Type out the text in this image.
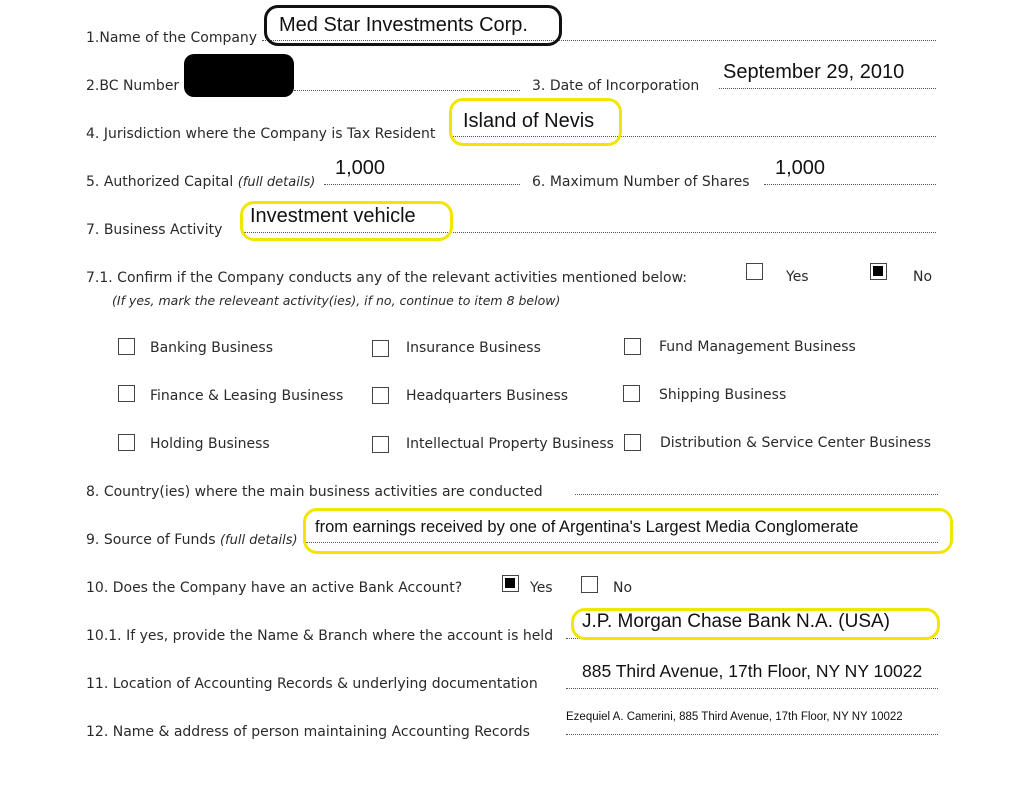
1.Name of the Company
Med Star Investments Corp.
2.BC Number	3. Date of Incorporation
September 29, 2010
4. Jurisdiction where the Company is Tax Resident
Island of Nevis
5. Authorized Capital (full details)
1,000
6. Maximum Number of Shares
1,000
7. Business Activity
Investment vehicle
7.1. Confirm if the Company conducts any of the relevant activities mentioned below:
(If yes, mark the releveant activity(ies), if no, continue to item 8 below)
Yes	No
Banking Business	Insurance Business	Fund Management Business
Finance & Leasing Business	Headquarters Business	Shipping Business
Holding Business	Intellectual Property Business	Distribution & Service Center Business
8. Country(ies) where the main business activities are conducted
9. Source of Funds (full details)
from earnings received by one of Argentina's Largest Media Conglomerate
10. Does the Company have an active Bank Account?	Yes	No
10.1. If yes, provide the Name & Branch where the account is held
J.P. Morgan Chase Bank N.A. (USA)
11. Location of Accounting Records & underlying documentation
885 Third Avenue, 17th Floor, NY NY 10022
12. Name & address of person maintaining Accounting Records
Ezequiel A. Camerini, 885 Third Avenue, 17th Floor, NY NY 10022
